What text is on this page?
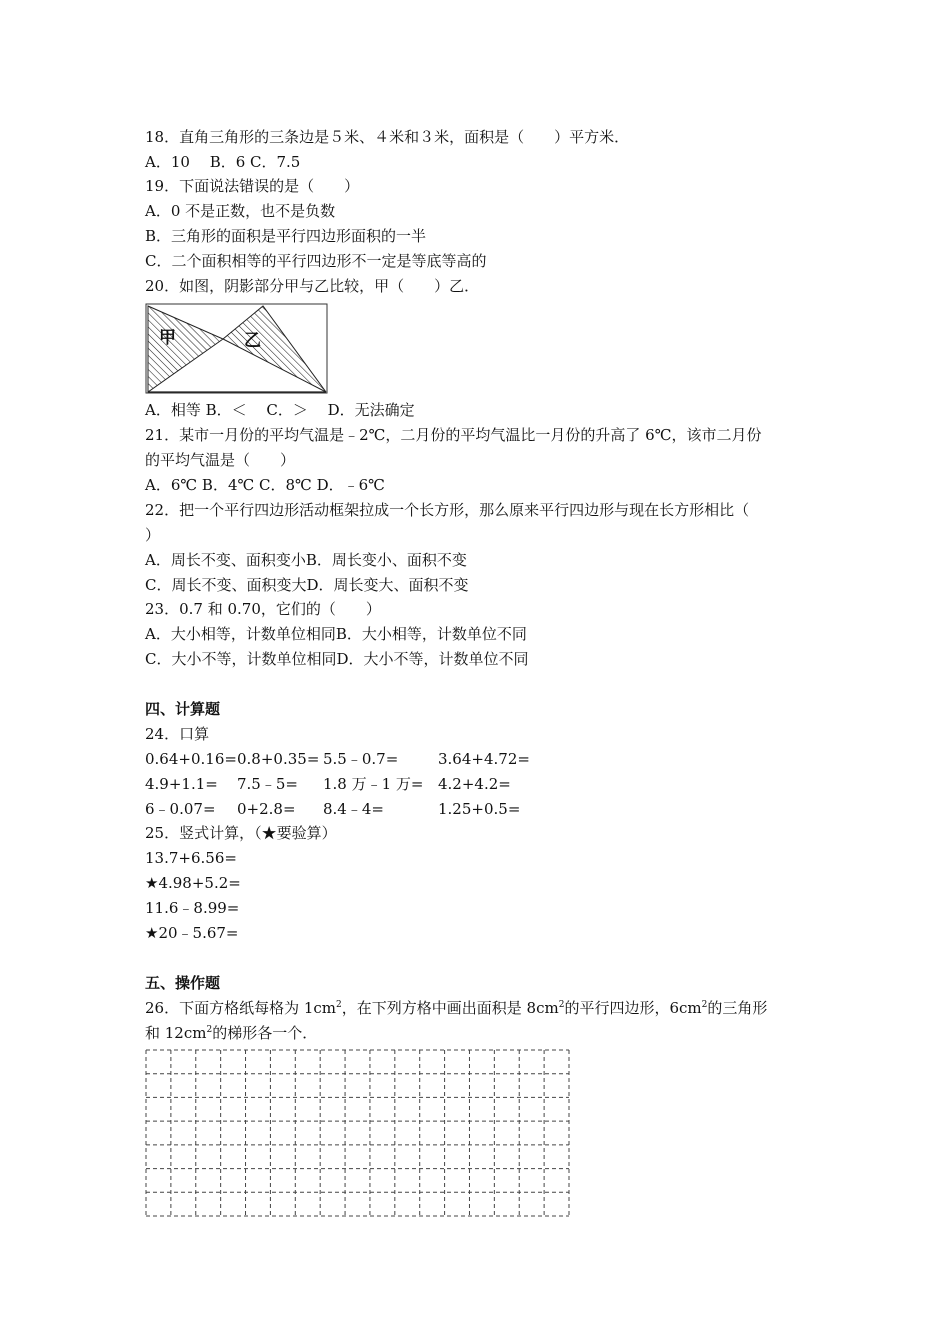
18．直角三角形的三条边是５米、４米和３米，面积是（　　）平方米．
A．10　 B．6 C．7.5
19．下面说法错误的是（　　）
A．0 不是正数，也不是负数
B．三角形的面积是平行四边形面积的一半
C．二个面积相等的平行四边形不一定是等底等高的
20．如图，阴影部分甲与乙比较，甲（　　）乙．
甲	乙
A．相等 B．＜　 C．＞　 D．无法确定
21．某市一月份的平均气温是﹣2℃，二月份的平均气温比一月份的升高了 6℃，该市二月份
的平均气温是（　　）
A．6℃ B．4℃ C．8℃ D．﹣6℃
22．把一个平行四边形活动框架拉成一个长方形，那么原来平行四边形与现在长方形相比（
）
A．周长不变、面积变小B．周长变小、面积不变
C．周长不变、面积变大D．周长变大、面积不变
23．0.7 和 0.70，它们的（　　）
A．大小相等，计数单位相同B．大小相等，计数单位不同
C．大小不等，计数单位相同D．大小不等，计数单位不同
四、计算题
24．口算
0.64+0.16= 0.8+0.35= 5.5﹣0.7=	3.64+4.72=
4.9+1.1= 7.5﹣5= 1.8 万﹣1 万= 4.2+4.2=
6﹣0.07= 0+2.8= 8.4﹣4=	1.25+0.5=
25．竖式计算，（★要验算）
13.7+6.56=
★4.98+5.2=
11.6﹣8.99=
★20﹣5.67=
五、操作题
26．下面方格纸每格为 $1cm^2$，在下列方格中画出面积是 $8cm^2$的平行四边形，$6cm^2$的三角形
和 $12cm^2$的梯形各一个．
